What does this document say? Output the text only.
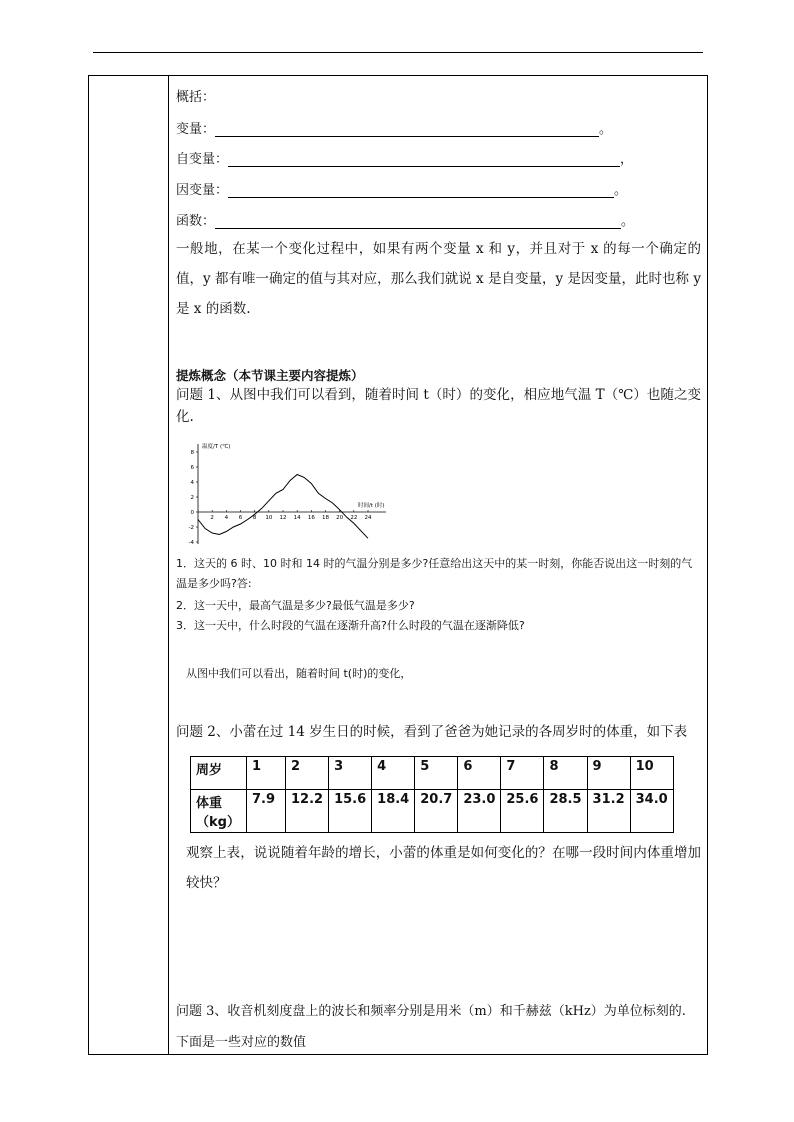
概括：
变量：	。
自变量：	，
因变量：	。
函数：	。
一般地，在某一个变化过程中，如果有两个变量 x 和 y，并且对于 x 的每一个确定的值，y 都有唯一确定的值与其对应，那么我们就说 x 是自变量，y 是因变量，此时也称 y 是 x 的函数.
提炼概念（本节课主要内容提炼）
问题 1、从图中我们可以看到，随着时间 t（时）的变化，相应地气温 T（℃）也随之变化.
温度/T (℃)
时间/t (时)
8
6
4
2
0
-2
-4
2 4 6 8 10 12 14 16 18 20 22 24
1．这天的 6 时、10 时和 14 时的气温分别是多少?任意给出这天中的某一时刻，你能否说出这一时刻的气温是多少吗?答:
2．这一天中，最高气温是多少?最低气温是多少?
3．这一天中，什么时段的气温在逐渐升高?什么时段的气温在逐渐降低?
从图中我们可以看出，随着时间 t(时)的变化，
问题 2、小蕾在过 14 岁生日的时候，看到了爸爸为她记录的各周岁时的体重，如下表
周岁	1	2	3	4	5	6	7	8	9	10
体重（kg）	7.9	12.2	15.6	18.4	20.7	23.0	25.6	28.5	31.2	34.0
观察上表，说说随着年龄的增长，小蕾的体重是如何变化的？在哪一段时间内体重增加较快？
问题 3、收音机刻度盘上的波长和频率分别是用米（m）和千赫兹（kHz）为单位标刻的.
下面是一些对应的数值
